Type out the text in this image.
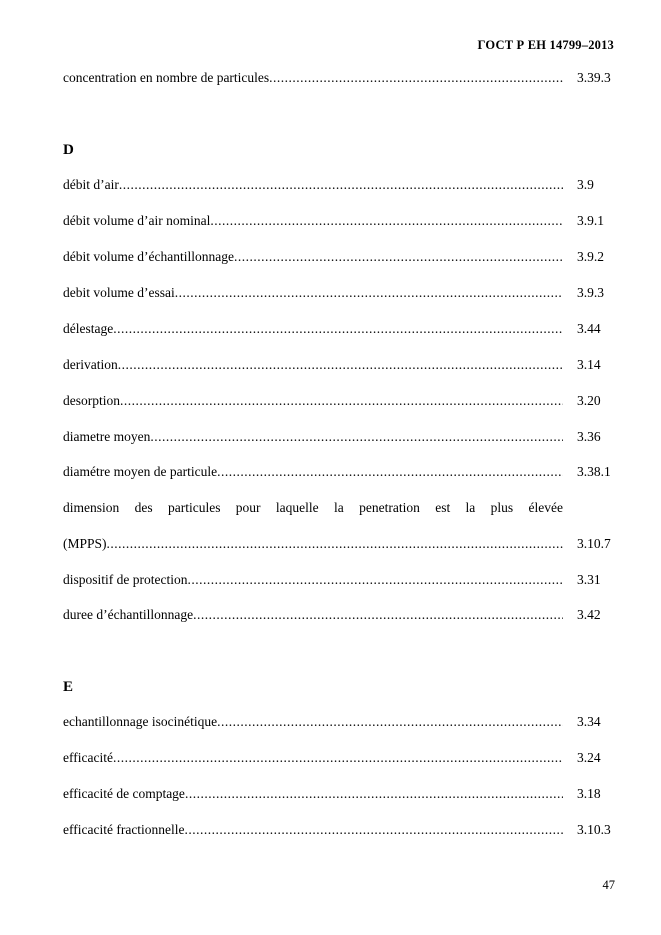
ГОСТ Р ЕН 14799–2013
concentration en nombre de particules .....	3.39.3
D
débit d’air .....	3.9
débit volume d’air nominal .....	3.9.1
débit volume d’échantillonnage .....	3.9.2
debit volume d’essai .....	3.9.3
délestage .....	3.44
derivation .....	3.14
desorption .....	3.20
diametre moyen .....	3.36
diamétre moyen de particule .....	3.38.1
dimension des particules pour laquelle la penetration est la plus élevée
(MPPS) .....	3.10.7
dispositif de protection .....	3.31
duree d’échantillonnage .....	3.42
E
echantillonnage isocinétique .....	3.34
efficacité .....	3.24
efficacité de comptage .....	3.18
efficacité fractionnelle .....	3.10.3
47
